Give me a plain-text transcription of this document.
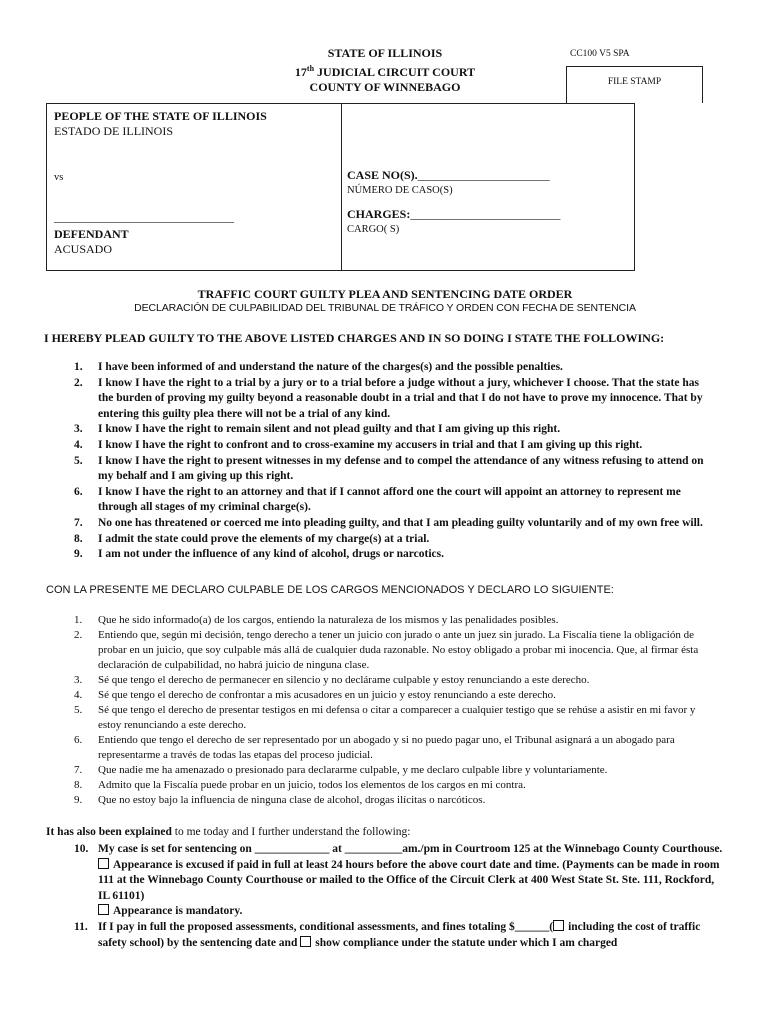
STATE OF ILLINOIS
17th JUDICIAL CIRCUIT COURT
COUNTY OF WINNEBAGO
CC100 V5 SPA
FILE STAMP
PEOPLE OF THE STATE OF ILLINOIS
ESTADO DE ILLINOIS
vs
______________________________
DEFENDANT
ACUSADO
CASE NO(S).______________________
NÚMERO DE CASO(S)
CHARGES:_________________________
CARGO( S)
TRAFFIC COURT GUILTY PLEA AND SENTENCING DATE ORDER
DECLARACIÓN DE CULPABILIDAD DEL TRIBUNAL DE TRÁFICO Y ORDEN CON FECHA DE SENTENCIA
I HEREBY PLEAD GUILTY TO THE ABOVE LISTED CHARGES AND IN SO DOING I STATE THE FOLLOWING:
1. I have been informed of and understand the nature of the charges(s) and the possible penalties.
2. I know I have the right to a trial by a jury or to a trial before a judge without a jury, whichever I choose. That the state has the burden of proving my guilty beyond a reasonable doubt in a trial and that I do not have to prove my innocence. That by entering this guilty plea there will not be a trial of any kind.
3. I know I have the right to remain silent and not plead guilty and that I am giving up this right.
4. I know I have the right to confront and to cross-examine my accusers in trial and that I am giving up this right.
5. I know I have the right to present witnesses in my defense and to compel the attendance of any witness refusing to attend on my behalf and I am giving up this right.
6. I know I have the right to an attorney and that if I cannot afford one the court will appoint an attorney to represent me through all stages of my criminal charge(s).
7. No one has threatened or coerced me into pleading guilty, and that I am pleading guilty voluntarily and of my own free will.
8. I admit the state could prove the elements of my charge(s) at a trial.
9. I am not under the influence of any kind of alcohol, drugs or narcotics.
CON LA PRESENTE ME DECLARO CULPABLE DE LOS CARGOS MENCIONADOS Y DECLARO LO SIGUIENTE:
1. Que he sido informado(a) de los cargos, entiendo la naturaleza de los mismos y las penalidades posibles.
2. Entiendo que, según mi decisión, tengo derecho a tener un juicio con jurado o ante un juez sin jurado. La Fiscalía tiene la obligación de probar en un juicio, que soy culpable más allá de cualquier duda razonable. No estoy obligado a probar mi inocencia. Que, al firmar ésta declaración de culpabilidad, no habrá juicio de ninguna clase.
3. Sé que tengo el derecho de permanecer en silencio y no declárame culpable y estoy renunciando a este derecho.
4. Sé que tengo el derecho de confrontar a mis acusadores en un juicio y estoy renunciando a este derecho.
5. Sé que tengo el derecho de presentar testigos en mi defensa o citar a comparecer a cualquier testigo que se rehúse a asistir en mi favor y estoy renunciando a este derecho.
6. Entiendo que tengo el derecho de ser representado por un abogado y si no puedo pagar uno, el Tribunal asignará a un abogado para representarme a través de todas las etapas del proceso judicial.
7. Que nadie me ha amenazado o presionado para declararme culpable, y me declaro culpable libre y voluntariamente.
8. Admito que la Fiscalía puede probar en un juicio, todos los elementos de los cargos en mi contra.
9. Que no estoy bajo la influencia de ninguna clase de alcohol, drogas ilícitas o narcóticos.
It has also been explained to me today and I further understand the following:
10. My case is set for sentencing on _____________ at __________am./pm in Courtroom 125 at the Winnebago County Courthouse.
Appearance is excused if paid in full at least 24 hours before the above court date and time. (Payments can be made in room 111 at the Winnebago County Courthouse or mailed to the Office of the Circuit Clerk at 400 West State St. Ste. 111, Rockford, IL 61101)
Appearance is mandatory.
11. If I pay in full the proposed assessments, conditional assessments, and fines totaling $______( including the cost of traffic safety school) by the sentencing date and show compliance under the statute under which I am charged
